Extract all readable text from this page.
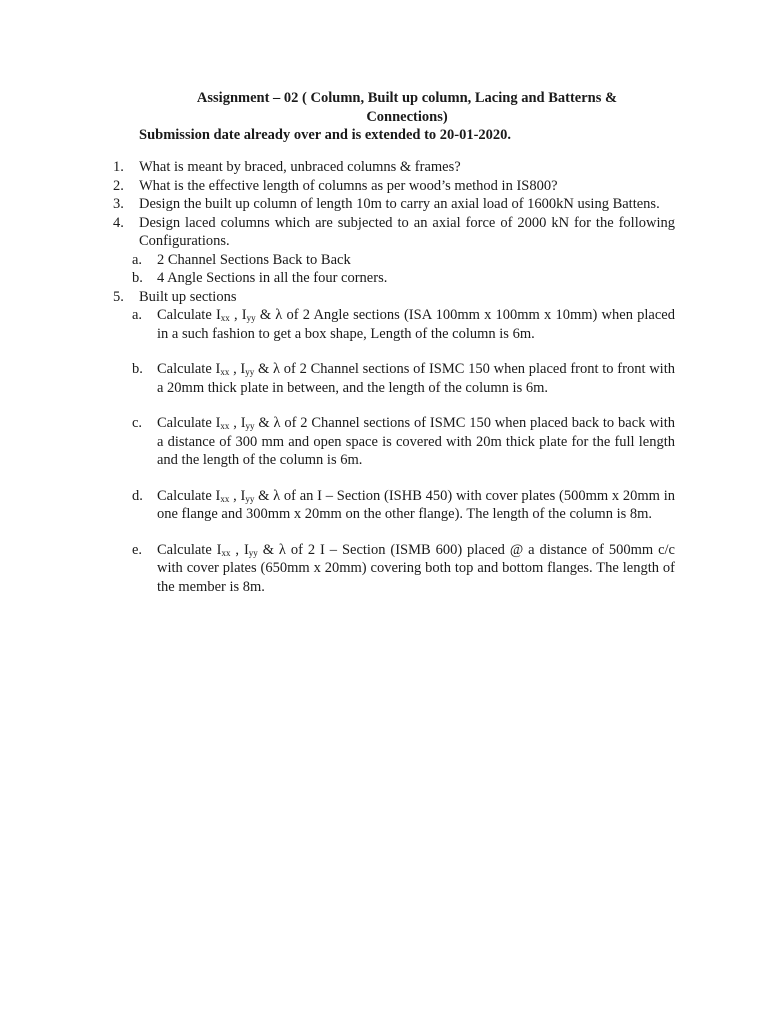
Assignment – 02 ( Column, Built up column, Lacing and Batterns &

Connections)

Submission date already over and is extended to 20-01-2020.

1. What is meant by braced, unbraced columns & frames?
2. What is the effective length of columns as per wood’s method in IS800?
3. Design the built up column of length 10m to carry an axial load of 1600kN using Battens.
4. Design laced columns which are subjected to an axial force of 2000 kN for the following Configurations.
a. 2 Channel Sections Back to Back
b. 4 Angle Sections in all the four corners.
5. Built up sections
a. Calculate $I_{xx}$ , $I_{yy}$ & λ of 2 Angle sections (ISA 100mm x 100mm x 10mm) when placed in a such fashion to get a box shape, Length of the column is 6m.
b. Calculate $I_{xx}$ , $I_{yy}$ & λ of 2 Channel sections of ISMC 150 when placed front to front with a 20mm thick plate in between, and the length of the column is 6m.
c. Calculate $I_{xx}$ , $I_{yy}$ & λ of 2 Channel sections of ISMC 150 when placed back to back with a distance of 300 mm and open space is covered with 20m thick plate for the full length and the length of the column is 6m.
d. Calculate $I_{xx}$ , $I_{yy}$ & λ of an I – Section (ISHB 450) with cover plates (500mm x 20mm in one flange and 300mm x 20mm on the other flange). The length of the column is 8m.
e. Calculate $I_{xx}$ , $I_{yy}$ & λ of 2 I – Section (ISMB 600) placed @ a distance of 500mm c/c with cover plates (650mm x 20mm) covering both top and bottom flanges. The length of the member is 8m.
